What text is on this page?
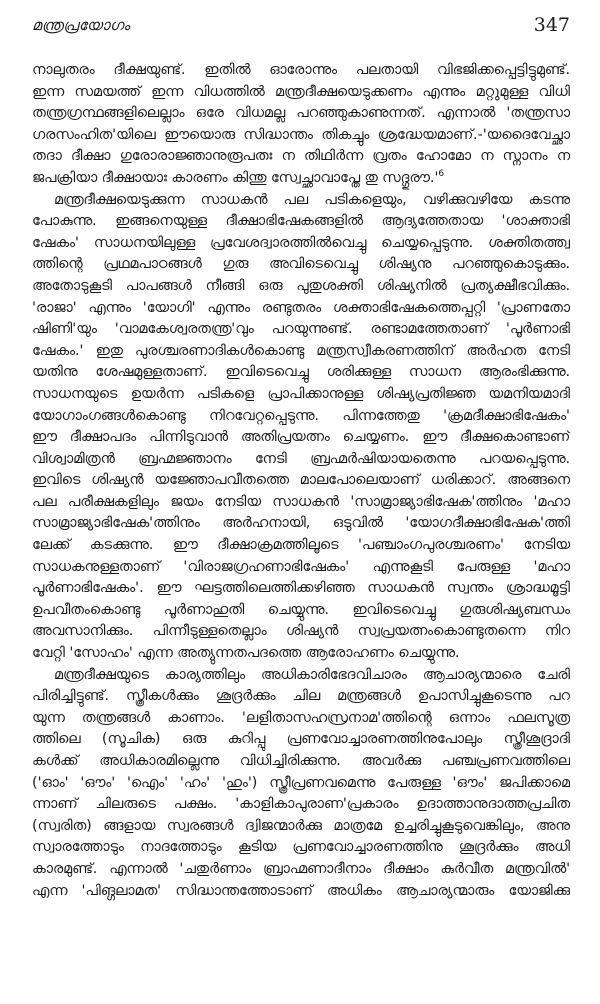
മന്ത്രപ്രയോഗം	347
നാലുതരം ദീക്ഷയുണ്ട്. ഇതിൽ ഓരോന്നും പലതായി വിഭജിക്കപ്പെട്ടിട്ടുമുണ്ട്.
ഇന്ന സമയത്ത് ഇന്ന വിധത്തിൽ മന്ത്രദീക്ഷയെടുക്കണം എന്നും മറ്റുമുള്ള വിധി
തന്ത്രഗ്രന്ഥങ്ങളിലെല്ലാം ഒരേ വിധമല്ല പറഞ്ഞുകാണുന്നത്. എന്നാൽ 'തന്ത്രസാ
ഗരസംഹിത'യിലെ ഈയൊരു സിദ്ധാന്തം തികച്ചും ശ്രദ്ധേയമാണ്.-'യദൈവേച്ഛാ
തദാ ദീക്ഷാ ഗുരോരാജ്ഞാനുരൂപതഃ ന തിഥിർന്ന വ്രതം ഹോമോ ന സ്നാനം ന
ജപക്രിയാ ദീക്ഷായാഃ കാരണം കിന്തു സ്വേച്ഛാവാപ്തേ തു $സദ്ഗുരൗ.'^6$
മന്ത്രദീക്ഷയെടുക്കുന്ന സാധകൻ പല പടികളെയും, വഴിക്കുവഴിയേ കടന്നു
പോകുന്നു. ഇങ്ങനെയുള്ള ദീക്ഷാഭിഷേകങ്ങളിൽ ആദ്യത്തേതായ 'ശാക്താഭി
ഷേകം' സാധനയിലുള്ള പ്രവേശദ്വാരത്തിൽവെച്ചു ചെയ്യപ്പെടുന്നു. ശക്തിതത്ത്വ
ത്തിന്റെ പ്രഥമപാഠങ്ങൾ ഗുരു അവിടെവെച്ചു ശിഷ്യനു പറഞ്ഞുകൊടുക്കും.
അതോടുകൂടി പാപങ്ങൾ നീങ്ങി ഒരു പുതുശക്തി ശിഷ്യനിൽ പ്രത്യക്ഷീഭവിക്കും.
'രാജാ' എന്നും 'യോഗി' എന്നും രണ്ടുതരം ശക്താഭിഷേകത്തെപ്പറ്റി 'പ്രാണതോ
ഷിണി'യും 'വാമകേശ്വരതന്ത്ര'വും പറയുന്നുണ്ട്. രണ്ടാമത്തേതാണ് 'പൂർണാഭി
ഷേകം.' ഇതു പുരശ്ചരണാദികൾകൊണ്ടു മന്ത്രസ്വീകരണത്തിന് അർഹത നേടി
യതിനു ശേഷമുള്ളതാണ്. ഇവിടെവെച്ചു ശരിക്കുള്ള സാധന ആരംഭിക്കുന്നു.
സാധനയുടെ ഉയർന്ന പടികളെ പ്രാപിക്കാനുള്ള ശിഷ്യപ്രതിജ്ഞ യമനിയമാദി
യോഗാംഗങ്ങൾകൊണ്ടു നിറവേറ്റപ്പെടുന്നു. പിന്നത്തേതു 'ക്രമദീക്ഷാഭിഷേകം'
ഈ ദീക്ഷാപദം പിന്നിടുവാൻ അതിപ്രയത്നം ചെയ്യണം. ഈ ദീക്ഷകൊണ്ടാണ്
വിശ്വാമിത്രൻ ബ്രഹ്മജ്ഞാനം നേടി ബ്രഹ്മർഷിയായതെന്നു പറയപ്പെടുന്നു.
ഇവിടെ ശിഷ്യൻ യജ്ഞോപവീതത്തെ മാലപോലെയാണ് ധരിക്കാറ്. അങ്ങനെ
പല പരീക്ഷകളിലും ജയം നേടിയ സാധകൻ 'സാമ്രാജ്യാഭിഷേക'ത്തിനും 'മഹാ
സാമ്രാജ്യാഭിഷേക'ത്തിനും അർഹനായി, ഒടുവിൽ 'യോഗദീക്ഷാഭിഷേക'ത്തി
ലേക്ക് കടക്കുന്നു. ഈ ദീക്ഷാക്രമത്തിലൂടെ 'പഞ്ചാംഗപുരശ്ചരണം' നേടിയ
സാധകനുള്ളതാണ് 'വിരാജഗ്രഹണാഭിഷേകം' എന്നുകൂടി പേരുള്ള 'മഹാ
പൂർണാഭിഷേകം'. ഈ ഘട്ടത്തിലെത്തിക്കഴിഞ്ഞ സാധകൻ സ്വന്തം ശ്രാദ്ധമൂട്ടി
ഉപവീതംകൊണ്ടു പൂർണാഹുതി ചെയ്യുന്നു. ഇവിടെവെച്ചു ഗുരുശിഷ്യബന്ധം
അവസാനിക്കും. പിന്നീടുള്ളതെല്ലാം ശിഷ്യൻ സ്വപ്രയത്നംകൊണ്ടുതന്നെ നിറ
വേറ്റി 'സോഹം' എന്ന അത്യുന്നതപദത്തെ ആരോഹണം ചെയ്യുന്നു.
മന്ത്രദീക്ഷയുടെ കാര്യത്തിലും അധികാരിഭേദവിചാരം ആചാര്യന്മാരെ ചേരി
പിരിച്ചിട്ടുണ്ട്. സ്ത്രീകൾക്കും ശൂദ്രർക്കും ചില മന്ത്രങ്ങൾ ഉപാസിച്ചുകൂടെന്നു പറ
യുന്ന തന്ത്രങ്ങൾ കാണാം. 'ലളിതാസഹസ്രനാമ'ത്തിന്റെ ഒന്നാം ഫലസൂത്ര
ത്തിലെ (സൂചിക) ഒരു കുറിപ്പു പ്രണവോച്ചാരണത്തിനുപോലും സ്ത്രീശൂദ്രാദി
കൾക്ക് അധികാരമില്ലെന്നു വിധിച്ചിരിക്കുന്നു. അവർക്കു പഞ്ചപ്രണവത്തിലെ
('ഓം' 'ഔം' 'ഐം' 'ഹം' 'ഹും') സ്ത്രീപ്രണവമെന്നു പേരുള്ള 'ഔം' ജപിക്കാമെ
ന്നാണ് ചിലരുടെ പക്ഷം. 'കാളികാപുരാണ'പ്രകാരം ഉദാത്താനുദാത്തപ്രചിത
(സ്വരിത) ങ്ങളായ സ്വരങ്ങൾ ദ്വിജന്മാർക്കു മാത്രമേ ഉച്ചരിച്ചുകൂടുവെങ്കിലും, അനു
സ്വാരത്തോടും നാദത്തോടും കൂടിയ പ്രണവോച്ചാരണത്തിനു ശൂദ്രർക്കും അധി
കാരമുണ്ട്. എന്നാൽ 'ചതുർണാം ബ്രാഹ്മണാദീനാം ദീക്ഷാം കുർവീത മന്ത്രവിൽ'
എന്ന 'പിങ്ഗലാമത' സിദ്ധാന്തത്തോടാണ് അധികം ആചാര്യന്മാരും യോജിക്കു
